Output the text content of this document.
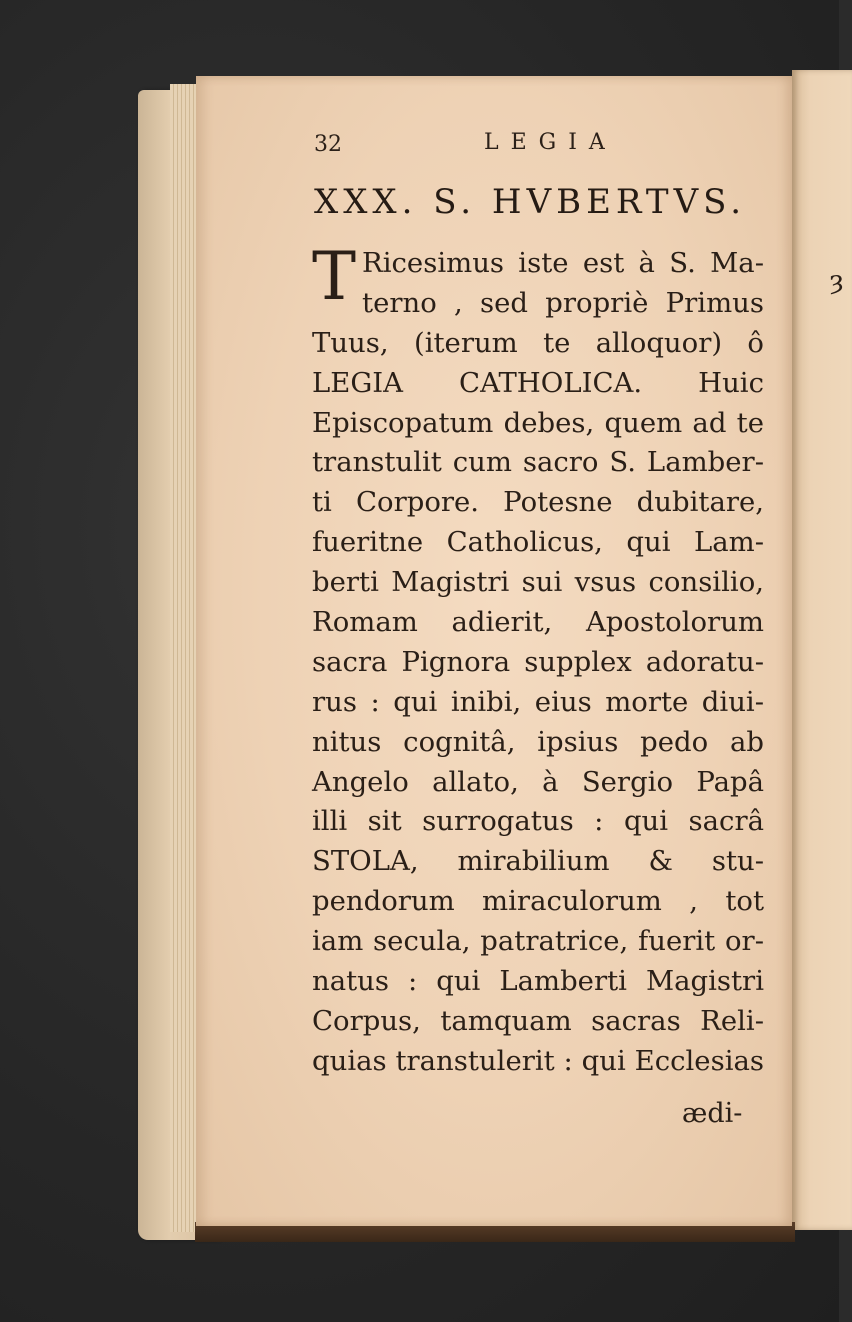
ȝ
32	LEGIA
XXX. S. HVBERTVS.
T Ricesimus iste est à S. Ma-
terno , sed propriè Primus
Tuus, (iterum te alloquor) ô
LEGIA CATHOLICA. Huic
Episcopatum debes, quem ad te
transtulit cum sacro S. Lamber-
ti Corpore. Potesne dubitare,
fueritne Catholicus, qui Lam-
berti Magistri sui vsus consilio,
Romam adierit, Apostolorum
sacra Pignora supplex adoratu-
rus : qui inibi, eius morte diui-
nitus cognitâ, ipsius pedo ab
Angelo allato, à Sergio Papâ
illi sit surrogatus : qui sacrâ
STOLA, mirabilium & stu-
pendorum miraculorum , tot
iam secula, patratrice, fuerit or-
natus : qui Lamberti Magistri
Corpus, tamquam sacras Reli-
quias transtulerit : qui Ecclesias
ædi-
